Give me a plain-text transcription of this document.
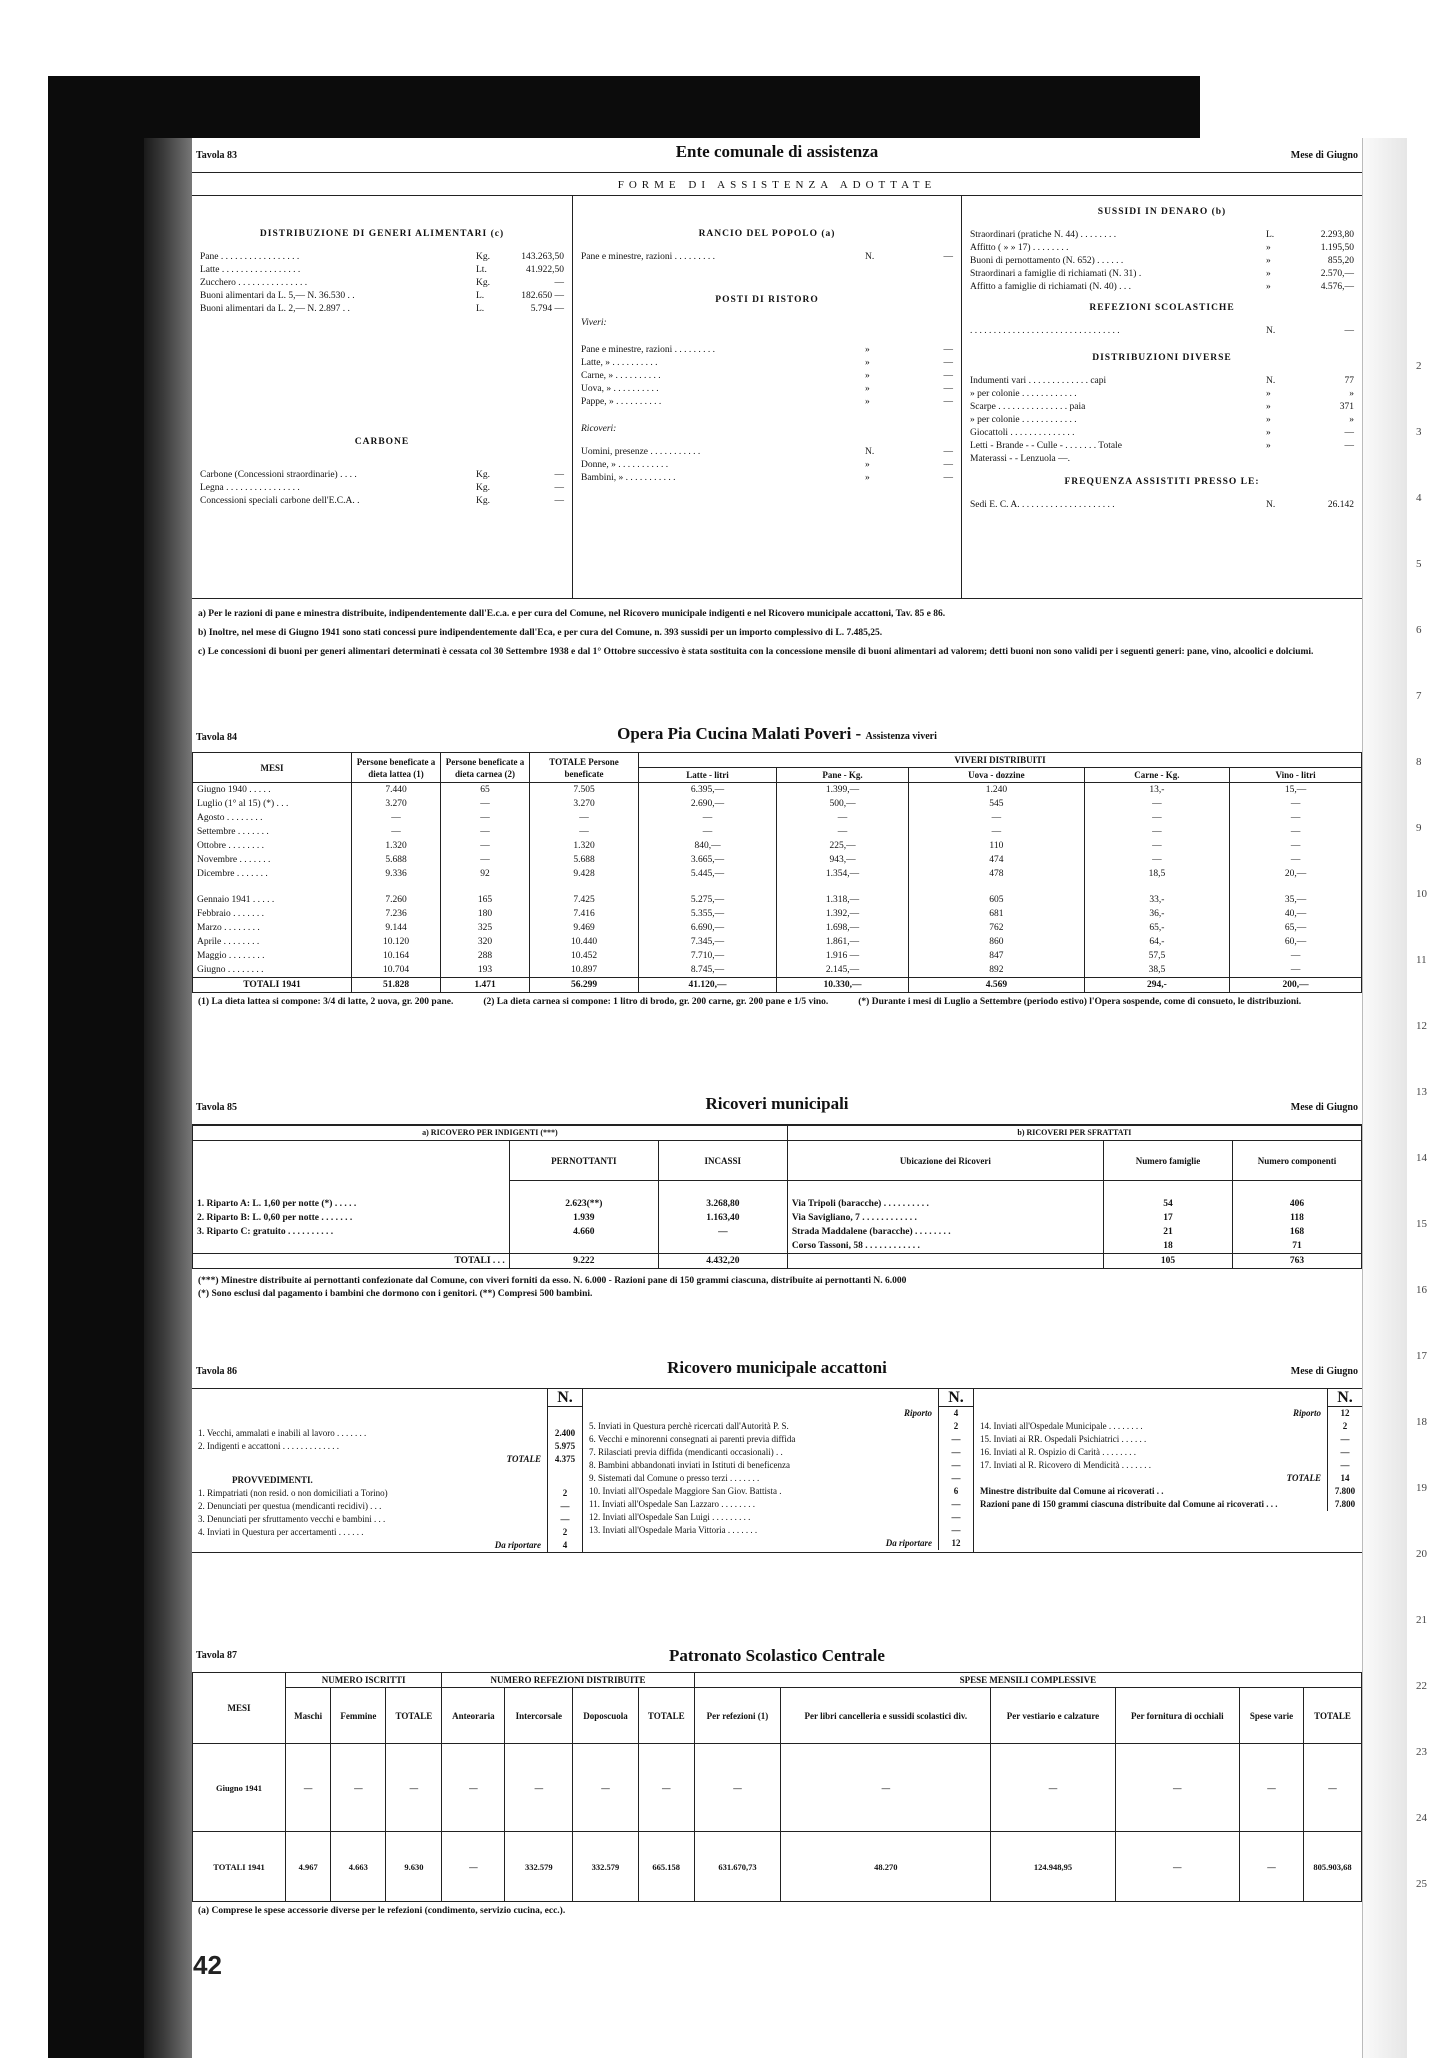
2
3
4
5
6
7
8
9
10
11
12
13
14
15
16
17
18
19
20
21
22
23
24
25
Tavola 83	Ente comunale di assistenza	Mese di Giugno
FORME DI ASSISTENZA ADOTTATE
DISTRIBUZIONE DI GENERI ALIMENTARI (c)
Pane . . . . . . . . . . . . . . . . .	Kg.	143.263,50
Latte . . . . . . . . . . . . . . . . .	Lt.	41.922,50
Zucchero . . . . . . . . . . . . . . .	Kg.	—
Buoni alimentari da L. 5,— N. 36.530 . .	L.	182.650 —
Buoni alimentari da L. 2,— N. 2.897 . .	L.	5.794 —
CARBONE
Carbone (Concessioni straordinarie) . . . .	Kg.	—
Legna . . . . . . . . . . . . . . . .	Kg.	—
Concessioni speciali carbone dell'E.C.A. .	Kg.	—
RANCIO DEL POPOLO (a)
Pane e minestre, razioni . . . . . . . . .	N.	—
POSTI DI RISTORO
Viveri:
Pane e minestre, razioni . . . . . . . . .	»	—
Latte, » . . . . . . . . . .	»	—
Carne, » . . . . . . . . . .	»	—
Uova, » . . . . . . . . . .	»	—
Pappe, » . . . . . . . . . .	»	—
Ricoveri:
Uomini, presenze . . . . . . . . . . .	N.	—
Donne, » . . . . . . . . . . .	»	—
Bambini, » . . . . . . . . . . .	»	—
SUSSIDI IN DENARO (b)
Straordinari (pratiche N. 44) . . . . . . . .	L.	2.293,80
Affitto ( » » 17) . . . . . . . .	»	1.195,50
Buoni di pernottamento (N. 652) . . . . . .	»	855,20
Straordinari a famiglie di richiamati (N. 31) .	»	2.570,—
Affitto a famiglie di richiamati (N. 40) . . .	»	4.576,—
REFEZIONI SCOLASTICHE
. . . . . . . . . . . . . . . . . . . . . . . . . . . . . . . .	N.	—
DISTRIBUZIONI DIVERSE
Indumenti vari . . . . . . . . . . . . . capi	N.	77
» per colonie . . . . . . . . . . . .	»	»
Scarpe . . . . . . . . . . . . . . . paia	»	371
» per colonie . . . . . . . . . . . .	»	»
Giocattoli . . . . . . . . . . . . . .	»	—
Letti - Brande - - Culle - . . . . . . . Totale	»	—
Materassi - - Lenzuola —.
FREQUENZA ASSISTITI PRESSO LE:
Sedi E. C. A. . . . . . . . . . . . . . . . . . . . .	N.	26.142
a) Per le razioni di pane e minestra distribuite, indipendentemente dall'E.c.a. e per cura del Comune, nel Ricovero municipale indigenti e nel Ricovero municipale accattoni, Tav. 85 e 86.
b) Inoltre, nel mese di Giugno 1941 sono stati concessi pure indipendentemente dall'Eca, e per cura del Comune, n. 393 sussidi per un importo complessivo di L. 7.485,25.
c) Le concessioni di buoni per generi alimentari determinati è cessata col 30 Settembre 1938 e dal 1° Ottobre successivo è stata sostituita con la concessione mensile di buoni alimentari ad valorem; detti buoni non sono validi per i seguenti generi: pane, vino, alcoolici e dolciumi.
Tavola 84	Opera Pia Cucina Malati Poveri - Assistenza viveri
MESI	Persone beneficate a dieta lattea (1)	Persone beneficate a dieta carnea (2)	TOTALE Persone beneficate	VIVERI DISTRIBUITI				
				Latte - litri	Pane - Kg.	Uova - dozzine	Carne - Kg.	Vino - litri
Giugno 1940 . . . . .	7.440	65	7.505	6.395,—	1.399,—	1.240	13,-	15,—
Luglio (1° al 15) (*) . . .	3.270	—	3.270	2.690,—	500,—	545	—	—
Agosto . . . . . . . .	—	—	—	—	—	—	—	—
Settembre . . . . . . .	—	—	—	—	—	—	—	—
Ottobre . . . . . . . .	1.320	—	1.320	840,—	225,—	110	—	—
Novembre . . . . . . .	5.688	—	5.688	3.665,—	943,—	474	—	—
Dicembre . . . . . . .	9.336	92	9.428	5.445,—	1.354,—	478	18,5	20,—

Gennaio 1941 . . . . .	7.260	165	7.425	5.275,—	1.318,—	605	33,-	35,—
Febbraio . . . . . . .	7.236	180	7.416	5.355,—	1.392,—	681	36,-	40,—
Marzo . . . . . . . .	9.144	325	9.469	6.690,—	1.698,—	762	65,-	65,—
Aprile . . . . . . . .	10.120	320	10.440	7.345,—	1.861,—	860	64,-	60,—
Maggio . . . . . . . .	10.164	288	10.452	7.710,—	1.916 —	847	57,5	—
Giugno . . . . . . . .	10.704	193	10.897	8.745,—	2.145,—	892	38,5	—
TOTALI 1941	51.828	1.471	56.299	41.120,—	10.330,—	4.569	294,-	200,—
(1) La dieta lattea si compone: 3/4 di latte, 2 uova, gr. 200 pane.	(2) La dieta carnea si compone: 1 litro di brodo, gr. 200 carne, gr. 200 pane e 1/5 vino.	(*) Durante i mesi di Luglio a Settembre (periodo estivo) l'Opera sospende, come di consueto, le distribuzioni.
Tavola 85	Ricoveri municipali	Mese di Giugno
a) RICOVERO PER INDIGENTI (***)			b) RICOVERI PER SFRATTATI		
	PERNOTTANTI	INCASSI	Ubicazione dei Ricoveri	Numero famiglie	Numero componenti

1. Riparto A: L. 1,60 per notte (*) . . . . .	2.623(**)	3.268,80	Via Tripoli (baracche) . . . . . . . . . .	54	406
2. Riparto B: L. 0,60 per notte . . . . . . .	1.939	1.163,40	Via Savigliano, 7 . . . . . . . . . . . .	17	118
3. Riparto C: gratuito . . . . . . . . . .	4.660	—	Strada Maddalene (baracche) . . . . . . . .	21	168
			Corso Tassoni, 58 . . . . . . . . . . . .	18	71
TOTALI . . .	9.222	4.432,20		105	763
(***) Minestre distribuite ai pernottanti confezionate dal Comune, con viveri forniti da esso. N. 6.000 - Razioni pane di 150 grammi ciascuna, distribuite ai pernottanti N. 6.000
(*) Sono esclusi dal pagamento i bambini che dormono con i genitori. (**) Compresi 500 bambini.
Tavola 86	Ricovero municipale accattoni	Mese di Giugno
N.
1. Vecchi, ammalati e inabili al lavoro . . . . . . .	2.400
2. Indigenti e accattoni . . . . . . . . . . . . .	5.975
TOTALE	4.375
PROVVEDIMENTI.
1. Rimpatriati (non resid. o non domiciliati a Torino)	2
2. Denunciati per questua (mendicanti recidivi) . . .	—
3. Denunciati per sfruttamento vecchi e bambini . . .	—
4. Inviati in Questura per accertamenti . . . . . .	2
Da riportare	4
N.
Riporto	4
5. Inviati in Questura perchè ricercati dall'Autorità P. S.	2
6. Vecchi e minorenni consegnati ai parenti previa diffida	—
7. Rilasciati previa diffida (mendicanti occasionali) . .	—
8. Bambini abbandonati inviati in Istituti di beneficenza	—
9. Sistemati dal Comune o presso terzi . . . . . . .	—
10. Inviati all'Ospedale Maggiore San Giov. Battista .	6
11. Inviati all'Ospedale San Lazzaro . . . . . . . .	—
12. Inviati all'Ospedale San Luigi . . . . . . . . .	—
13. Inviati all'Ospedale Maria Vittoria . . . . . . .	—
Da riportare	12
N.
Riporto	12
14. Inviati all'Ospedale Municipale . . . . . . . .	2
15. Inviati ai RR. Ospedali Psichiatrici . . . . . .	—
16. Inviati al R. Ospizio di Carità . . . . . . . .	—
17. Inviati al R. Ricovero di Mendicità . . . . . . .	—
TOTALE	14
Minestre distribuite dal Comune ai ricoverati . .	7.800
Razioni pane di 150 grammi ciascuna distribuite dal Comune ai ricoverati . . .	7.800
Tavola 87	Patronato Scolastico Centrale
MESI	NUMERO ISCRITTI			NUMERO REFEZIONI DISTRIBUITE				SPESE MENSILI COMPLESSIVE					
	Maschi	Femmine	TOTALE	Anteoraria	Intercorsale	Doposcuola	TOTALE	Per refezioni (1)	Per libri cancelleria e sussidi scolastici div.	Per vestiario e calzature	Per fornitura di occhiali	Spese varie	TOTALE
Giugno 1941	—	—	—	—	—	—	—	—	—	—	—	—	—
TOTALI 1941	4.967	4.663	9.630	—	332.579	332.579	665.158	631.670,73	48.270	124.948,95	—	—	805.903,68
(a) Comprese le spese accessorie diverse per le refezioni (condimento, servizio cucina, ecc.).
42
